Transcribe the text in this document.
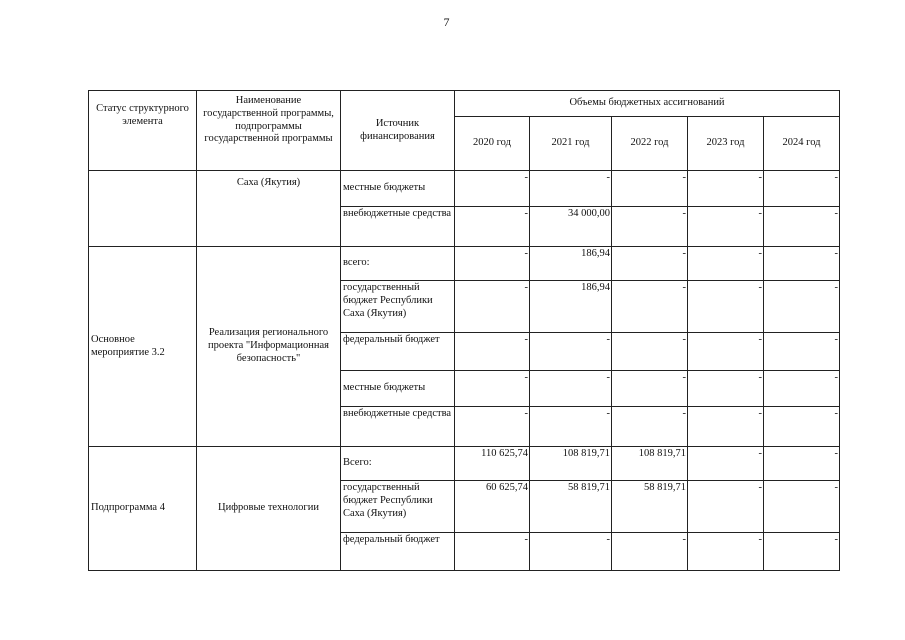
7
Статус структурного элемента	Наименование государственной программы, подпрограммы государственной программы	Источник финансирования	Объемы бюджетных ассигнований				
			2020 год	2021 год	2022 год	2023 год	2024 год
	Саха (Якутия)	местные бюджеты	-	-	-	-	-
		внебюджетные средства	-	34 000,00	-	-	-
Основное мероприятие 3.2	Реализация регионального проекта "Информационная безопасность"	всего:	-	186,94	-	-	-
		государственный бюджет Республики Саха (Якутия)	-	186,94	-	-	-
		федеральный бюджет	-	-	-	-	-
		местные бюджеты	-	-	-	-	-
		внебюджетные средства	-	-	-	-	-
Подпрограмма 4	Цифровые технологии	Всего:	110 625,74	108 819,71	108 819,71	-	-
		государственный бюджет Республики Саха (Якутия)	60 625,74	58 819,71	58 819,71	-	-
		федеральный бюджет	-	-	-	-	-
